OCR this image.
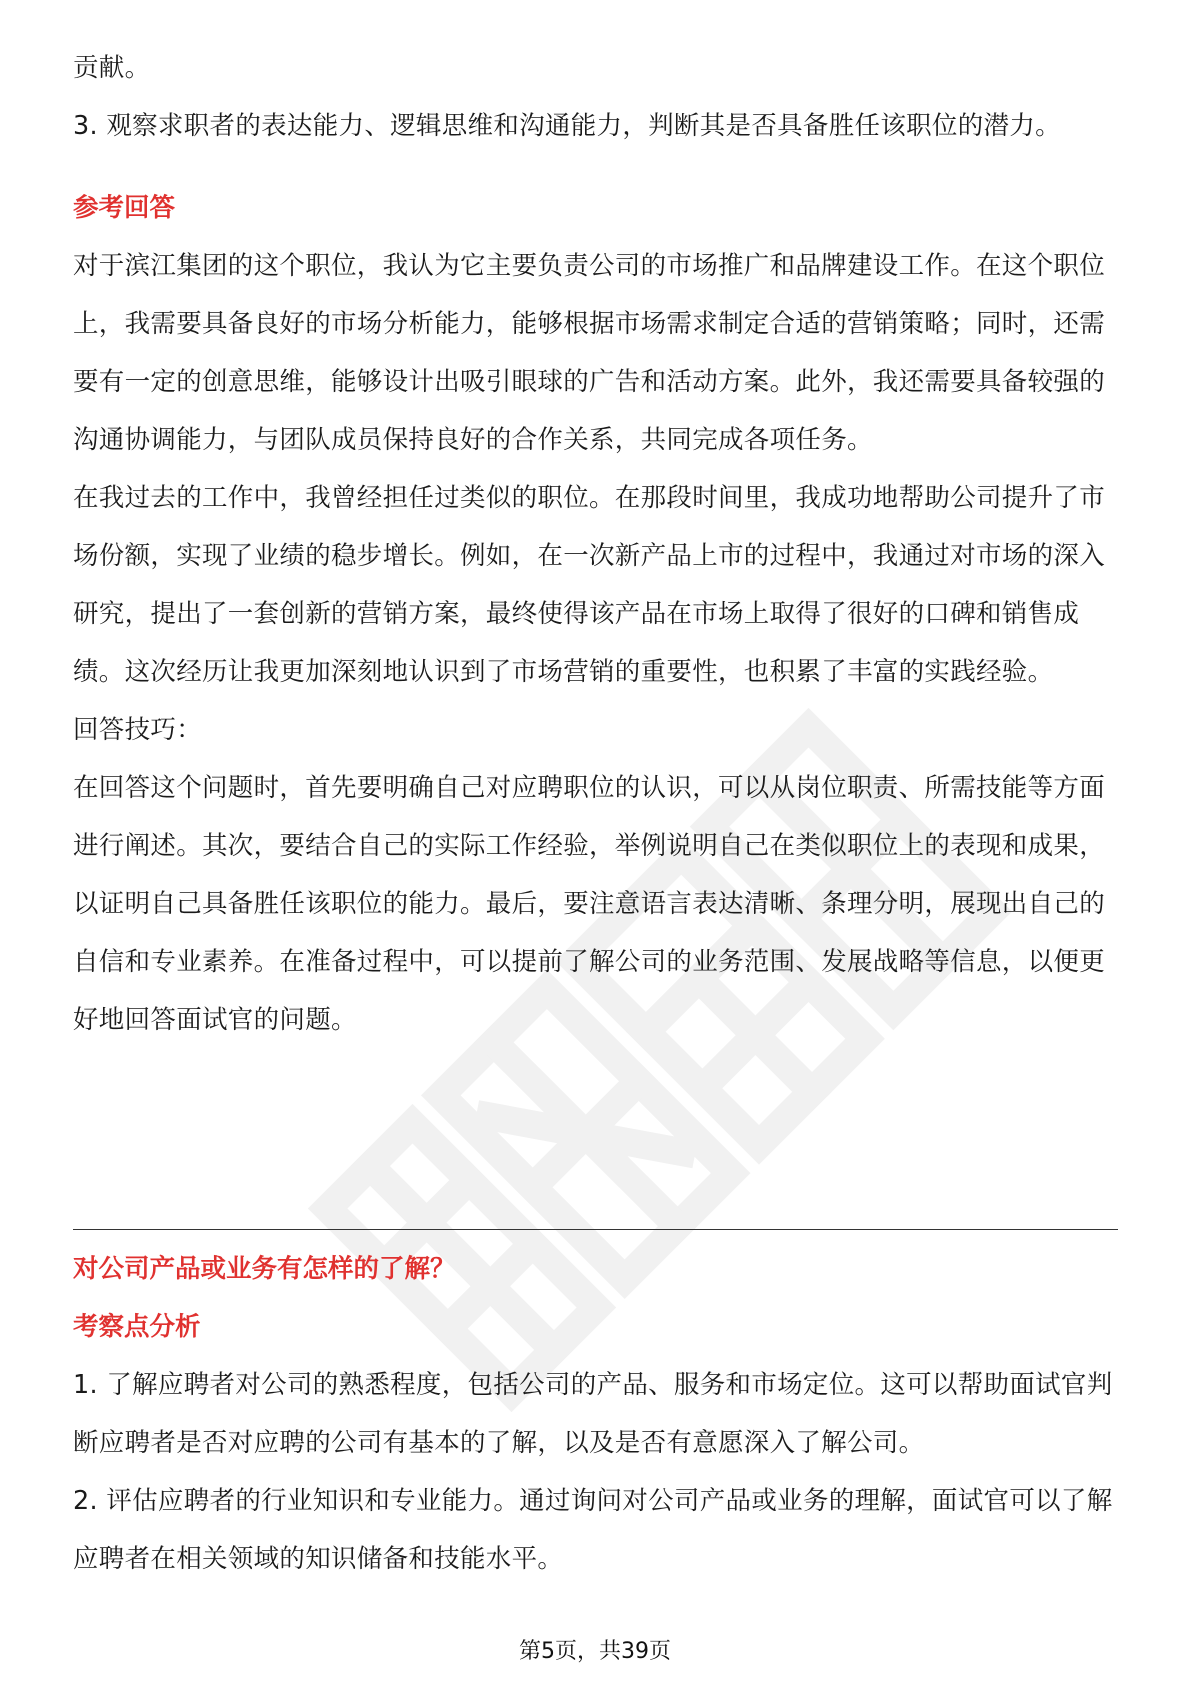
贡献。

3. 观察求职者的表达能力、逻辑思维和沟通能力，判断其是否具备胜任该职位的潜力。

参考回答

对于滨江集团的这个职位，我认为它主要负责公司的市场推广和品牌建设工作。在这个职位上，我需要具备良好的市场分析能力，能够根据市场需求制定合适的营销策略；同时，还需要有一定的创意思维，能够设计出吸引眼球的广告和活动方案。此外，我还需要具备较强的沟通协调能力，与团队成员保持良好的合作关系，共同完成各项任务。

在我过去的工作中，我曾经担任过类似的职位。在那段时间里，我成功地帮助公司提升了市场份额，实现了业绩的稳步增长。例如，在一次新产品上市的过程中，我通过对市场的深入研究，提出了一套创新的营销方案，最终使得该产品在市场上取得了很好的口碑和销售成绩。这次经历让我更加深刻地认识到了市场营销的重要性，也积累了丰富的实践经验。

回答技巧：

在回答这个问题时，首先要明确自己对应聘职位的认识，可以从岗位职责、所需技能等方面进行阐述。其次，要结合自己的实际工作经验，举例说明自己在类似职位上的表现和成果，以证明自己具备胜任该职位的能力。最后，要注意语言表达清晰、条理分明，展现出自己的自信和专业素养。在准备过程中，可以提前了解公司的业务范围、发展战略等信息，以便更好地回答面试官的问题。

对公司产品或业务有怎样的了解？

考察点分析

1. 了解应聘者对公司的熟悉程度，包括公司的产品、服务和市场定位。这可以帮助面试官判断应聘者是否对应聘的公司有基本的了解，以及是否有意愿深入了解公司。

2. 评估应聘者的行业知识和专业能力。通过询问对公司产品或业务的理解，面试官可以了解应聘者在相关领域的知识储备和技能水平。

第5页，共39页
